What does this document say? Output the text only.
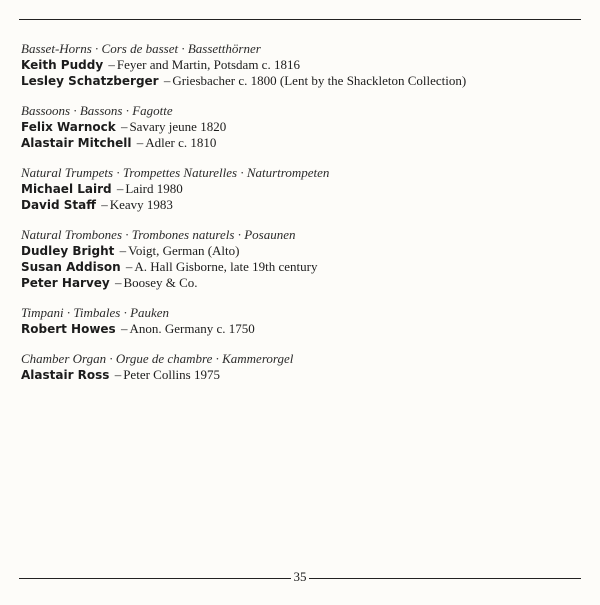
Basset-Horns · Cors de basset · Bassetthörner
Keith Puddy – Feyer and Martin, Potsdam c. 1816
Lesley Schatzberger – Griesbacher c. 1800 (Lent by the Shackleton Collection)
Bassoons · Bassons · Fagotte
Felix Warnock – Savary jeune 1820
Alastair Mitchell – Adler c. 1810
Natural Trumpets · Trompettes Naturelles · Naturtrompeten
Michael Laird – Laird 1980
David Staff – Keavy 1983
Natural Trombones · Trombones naturels · Posaunen
Dudley Bright – Voigt, German (Alto)
Susan Addison – A. Hall Gisborne, late 19th century
Peter Harvey – Boosey & Co.
Timpani · Timbales · Pauken
Robert Howes – Anon. Germany c. 1750
Chamber Organ · Orgue de chambre · Kammerorgel
Alastair Ross – Peter Collins 1975
35
